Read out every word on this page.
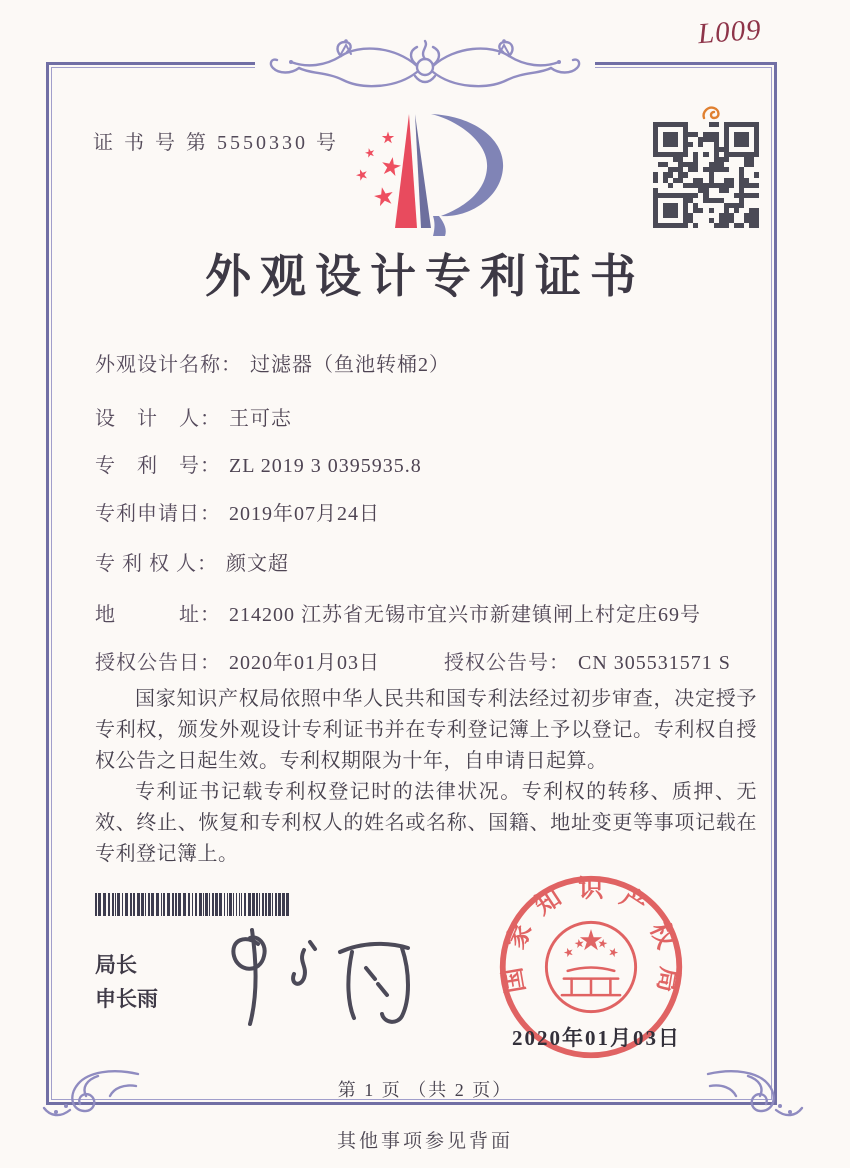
证 书 号 第 5550330 号
L009
外观设计专利证书
外观设计名称： 过滤器（鱼池转桶2）
设　计　人： 王可志
专　利　号： ZL 2019 3 0395935.8
专利申请日： 2019年07月24日
专 利 权 人： 颜文超
地　　　址： 214200 江苏省无锡市宜兴市新建镇闸上村定庄69号
授权公告日： 2020年01月03日	授权公告号： CN 305531571 S

国家知识产权局依照中华人民共和国专利法经过初步审查，决定授予专利权，颁发外观设计专利证书并在专利登记簿上予以登记。专利权自授权公告之日起生效。专利权期限为十年，自申请日起算。

专利证书记载专利权登记时的法律状况。专利权的转移、质押、无效、终止、恢复和专利权人的姓名或名称、国籍、地址变更等事项记载在专利登记簿上。

局长
申长雨
国家知识产权局
2020年01月03日
第 1 页 （共 2 页）
其他事项参见背面
